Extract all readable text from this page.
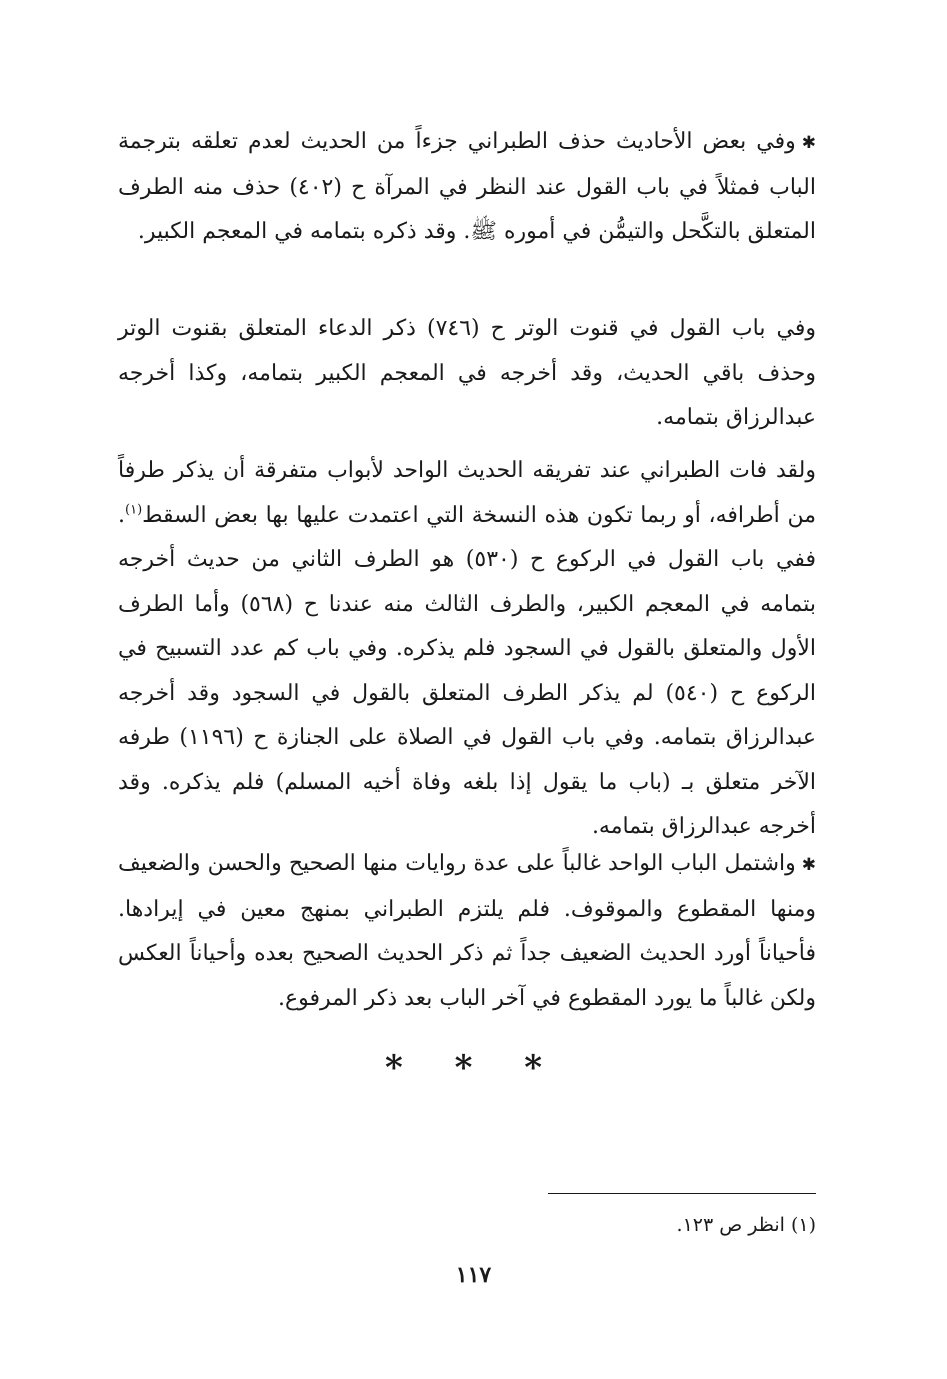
✱وفي بعض الأحاديث حذف الطبراني جزءاً من الحديث لعدم تعلقه بترجمة الباب فمثلاً في باب القول عند النظر في المرآة ح (٤٠٢) حذف منه الطرف المتعلق بالتكَّحل والتيمُّن في أموره ﷺ. وقد ذكره بتمامه في المعجم الكبير.

وفي باب القول في قنوت الوتر ح (٧٤٦) ذكر الدعاء المتعلق بقنوت الوتر وحذف باقي الحديث، وقد أخرجه في المعجم الكبير بتمامه، وكذا أخرجه عبدالرزاق بتمامه.

ولقد فات الطبراني عند تفريقه الحديث الواحد لأبواب متفرقة أن يذكر طرفاً من أطرافه، أو ربما تكون هذه النسخة التي اعتمدت عليها بها بعض السقط$^{(١)}$. ففي باب القول في الركوع ح (٥٣٠) هو الطرف الثاني من حديث أخرجه بتمامه في المعجم الكبير، والطرف الثالث منه عندنا ح (٥٦٨) وأما الطرف الأول والمتعلق بالقول في السجود فلم يذكره. وفي باب كم عدد التسبيح في الركوع ح (٥٤٠) لم يذكر الطرف المتعلق بالقول في السجود وقد أخرجه عبدالرزاق بتمامه. وفي باب القول في الصلاة على الجنازة ح (١١٩٦) طرفه الآخر متعلق بـ (باب ما يقول إذا بلغه وفاة أخيه المسلم) فلم يذكره. وقد أخرجه عبدالرزاق بتمامه.

✱واشتمل الباب الواحد غالباً على عدة روايات منها الصحيح والحسن والضعيف ومنها المقطوع والموقوف. فلم يلتزم الطبراني بمنهج معين في إيرادها. فأحياناً أورد الحديث الضعيف جداً ثم ذكر الحديث الصحيح بعده وأحياناً العكس ولكن غالباً ما يورد المقطوع في آخر الباب بعد ذكر المرفوع.

* * *

(١) انظر ص ١٢٣.

١١٧
